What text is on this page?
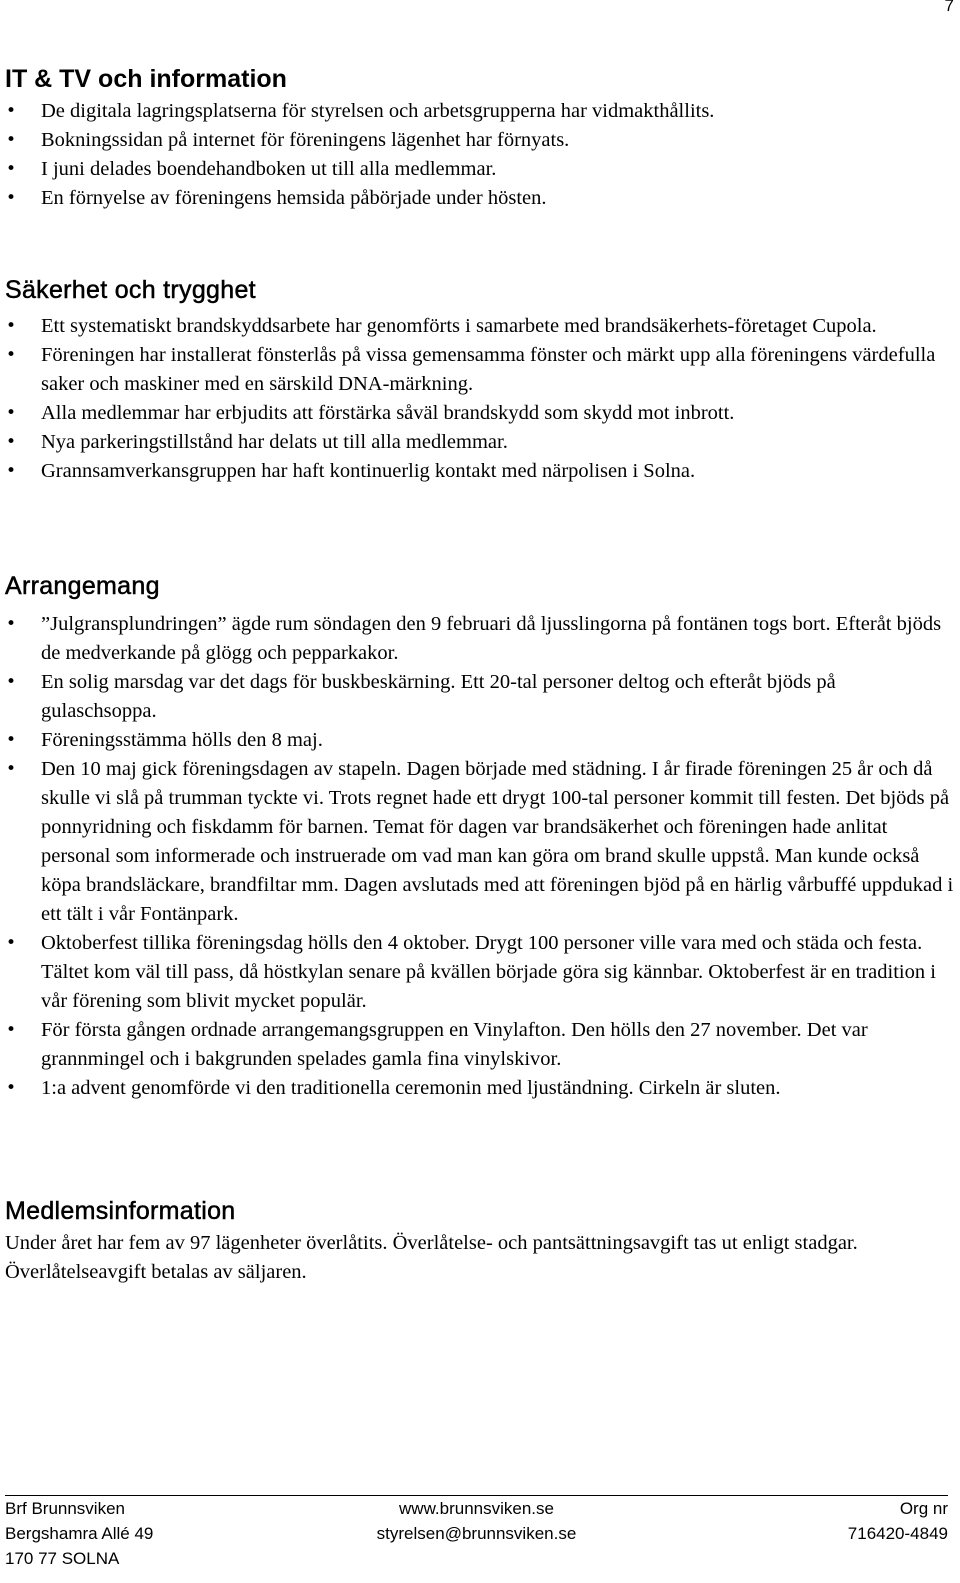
7
IT & TV och information
• De digitala lagringsplatserna för styrelsen och arbetsgrupperna har vidmakthållits.
• Bokningssidan på internet för föreningens lägenhet har förnyats.
• I juni delades boendehandboken ut till alla medlemmar.
• En förnyelse av föreningens hemsida påbörjade under hösten.
Säkerhet och trygghet
• Ett systematiskt brandskyddsarbete har genomförts i samarbete med brandsäkerhets-företaget Cupola.
• Föreningen har installerat fönsterlås på vissa gemensamma fönster och märkt upp alla föreningens värdefulla saker och maskiner med en särskild DNA-märkning.
• Alla medlemmar har erbjudits att förstärka såväl brandskydd som skydd mot inbrott.
• Nya parkeringstillstånd har delats ut till alla medlemmar.
• Grannsamverkansgruppen har haft kontinuerlig kontakt med närpolisen i Solna.
Arrangemang
• ”Julgransplundringen” ägde rum söndagen den 9 februari då ljusslingorna på fontänen togs bort. Efteråt bjöds de medverkande på glögg och pepparkakor.
• En solig marsdag var det dags för buskbeskärning. Ett 20-tal personer deltog och efteråt bjöds på gulaschsoppa.
• Föreningsstämma hölls den 8 maj.
• Den 10 maj gick föreningsdagen av stapeln. Dagen började med städning. I år firade föreningen 25 år och då skulle vi slå på trumman tyckte vi. Trots regnet hade ett drygt 100-tal personer kommit till festen. Det bjöds på ponnyridning och fiskdamm för barnen. Temat för dagen var brandsäkerhet och föreningen hade anlitat personal som informerade och instruerade om vad man kan göra om brand skulle uppstå. Man kunde också köpa brandsläckare, brandfiltar mm. Dagen avslutads med att föreningen bjöd på en härlig vårbuffé uppdukad i ett tält i vår Fontänpark.
• Oktoberfest tillika föreningsdag hölls den 4 oktober. Drygt 100 personer ville vara med och städa och festa. Tältet kom väl till pass, då höstkylan senare på kvällen började göra sig kännbar. Oktoberfest är en tradition i vår förening som blivit mycket populär.
• För första gången ordnade arrangemangsgruppen en Vinylafton. Den hölls den 27 november. Det var grannmingel och i bakgrunden spelades gamla fina vinylskivor.
• 1:a advent genomförde vi den traditionella ceremonin med ljuständning. Cirkeln är sluten.
Medlemsinformation

Under året har fem av 97 lägenheter överlåtits. Överlåtelse- och pantsättningsavgift tas ut enligt stadgar. Överlåtelseavgift betalas av säljaren.

Brf Brunnsviken
Bergshamra Allé 49
170 77 SOLNA
www.brunnsviken.se
styrelsen@brunnsviken.se
Org nr
716420-4849
